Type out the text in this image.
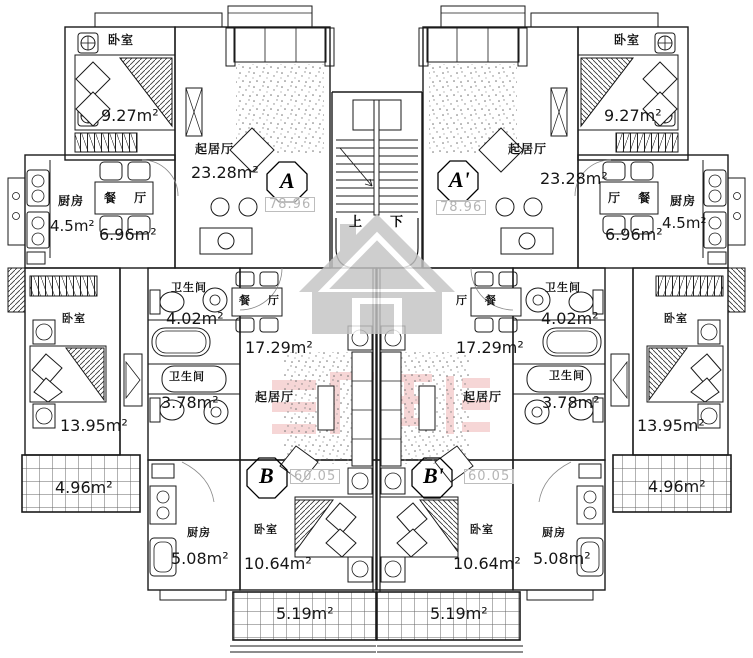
卧室
9.27m²
起居厅
23.28m²
厨房
4.5m²
餐 厅
6.96m²
A
78.96
卧室
9.27m²
起居厅
23.28m²
厨房
4.5m²
厅 餐
6.96m²
A'
78.96
上 下
卫生间
4.02m²
卫生间
3.78m²
餐 厅
17.29m²
起居厅
卧室
13.95m²
4.96m²
厨房
5.08m²
卧室
10.64m²
5.19m²
B	60.05
卫生间
4.02m²
卫生间
3.78m²
厅 餐
17.29m²
起居厅
卧室
13.95m²
4.96m²
厨房
5.08m²
卧室
10.64m²
5.19m²
B'	60.05
